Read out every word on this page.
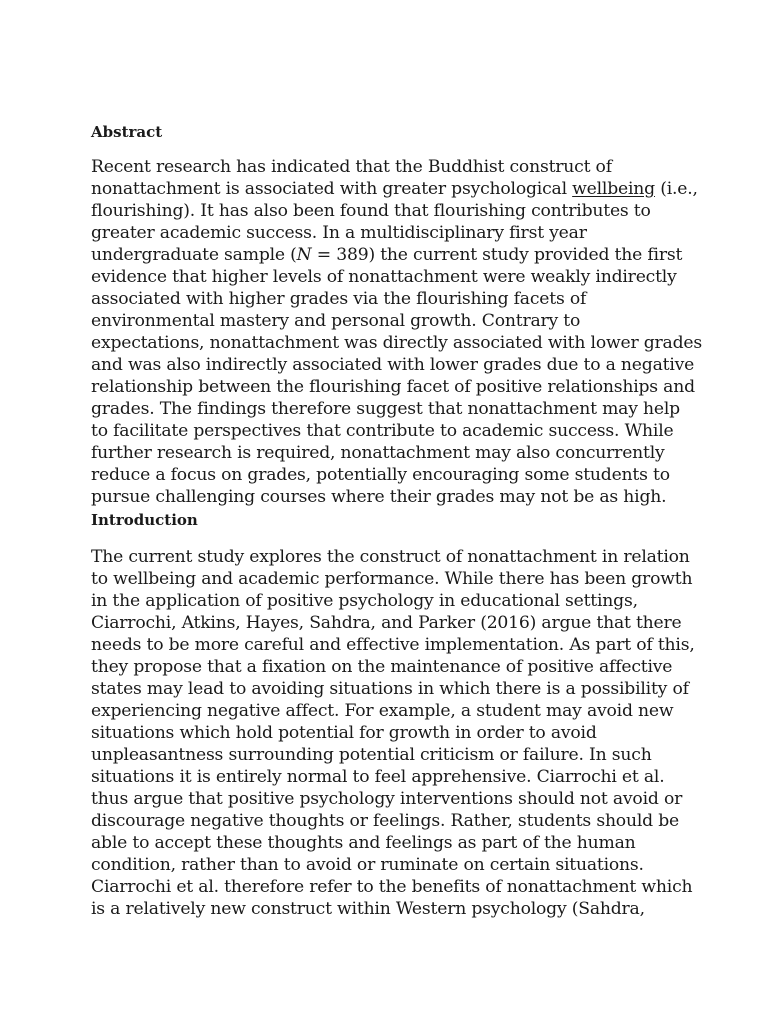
Abstract

Recent research has indicated that the Buddhist construct of
nonattachment is associated with greater psychological wellbeing (i.e.,
flourishing). It has also been found that flourishing contributes to
greater academic success. In a multidisciplinary first year
undergraduate sample (N = 389) the current study provided the first
evidence that higher levels of nonattachment were weakly indirectly
associated with higher grades via the flourishing facets of
environmental mastery and personal growth. Contrary to
expectations, nonattachment was directly associated with lower grades
and was also indirectly associated with lower grades due to a negative
relationship between the flourishing facet of positive relationships and
grades. The findings therefore suggest that nonattachment may help
to facilitate perspectives that contribute to academic success. While
further research is required, nonattachment may also concurrently
reduce a focus on grades, potentially encouraging some students to
pursue challenging courses where their grades may not be as high.

Introduction

The current study explores the construct of nonattachment in relation
to wellbeing and academic performance. While there has been growth
in the application of positive psychology in educational settings,
Ciarrochi, Atkins, Hayes, Sahdra, and Parker (2016) argue that there
needs to be more careful and effective implementation. As part of this,
they propose that a fixation on the maintenance of positive affective
states may lead to avoiding situations in which there is a possibility of
experiencing negative affect. For example, a student may avoid new
situations which hold potential for growth in order to avoid
unpleasantness surrounding potential criticism or failure. In such
situations it is entirely normal to feel apprehensive. Ciarrochi et al.
thus argue that positive psychology interventions should not avoid or
discourage negative thoughts or feelings. Rather, students should be
able to accept these thoughts and feelings as part of the human
condition, rather than to avoid or ruminate on certain situations.
Ciarrochi et al. therefore refer to the benefits of nonattachment which
is a relatively new construct within Western psychology (Sahdra,
